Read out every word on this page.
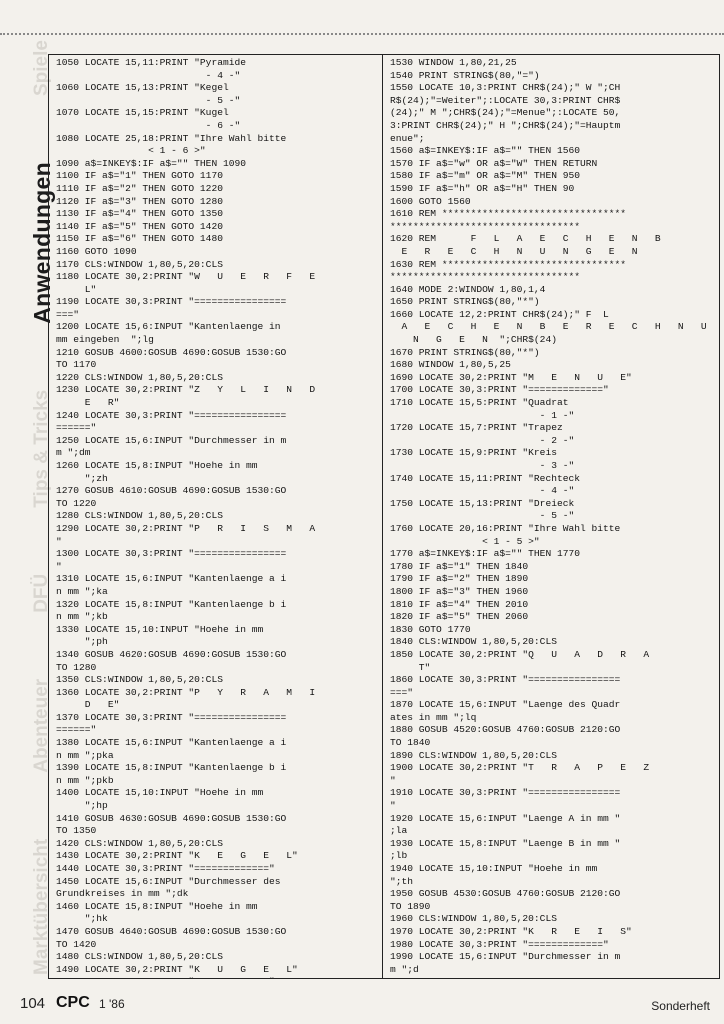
Marktübersicht
Abenteuer
DFÜ
Tips & Tricks
Anwendungen
Spiele 1050 LOCATE 15,11:PRINT "Pyramide
- 4 -"
1060 LOCATE 15,13:PRINT "Kegel
- 5 -"
1070 LOCATE 15,15:PRINT "Kugel
- 6 -"
1080 LOCATE 25,18:PRINT "Ihre Wahl bitte
< 1 - 6 >"
1090 a$=INKEY$:IF a$="" THEN 1090
1100 IF a$="1" THEN GOTO 1170
1110 IF a$="2" THEN GOTO 1220
1120 IF a$="3" THEN GOTO 1280
1130 IF a$="4" THEN GOTO 1350
1140 IF a$="5" THEN GOTO 1420
1150 IF a$="6" THEN GOTO 1480
1160 GOTO 1090
1170 CLS:WINDOW 1,80,5,20:CLS
1180 LOCATE 30,2:PRINT "W   U   E   R   F   E
L"
1190 LOCATE 30,3:PRINT "================
==="
1200 LOCATE 15,6:INPUT "Kantenlaenge in
mm eingeben  ";lg
1210 GOSUB 4600:GOSUB 4690:GOSUB 1530:GO
TO 1170
1220 CLS:WINDOW 1,80,5,20:CLS
1230 LOCATE 30,2:PRINT "Z   Y   L   I   N   D
E   R"
1240 LOCATE 30,3:PRINT "================
======"
1250 LOCATE 15,6:INPUT "Durchmesser in m
m ";dm
1260 LOCATE 15,8:INPUT "Hoehe in mm
";zh
1270 GOSUB 4610:GOSUB 4690:GOSUB 1530:GO
TO 1220
1280 CLS:WINDOW 1,80,5,20:CLS
1290 LOCATE 30,2:PRINT "P   R   I   S   M   A
"
1300 LOCATE 30,3:PRINT "================
"
1310 LOCATE 15,6:INPUT "Kantenlaenge a i
n mm ";ka
1320 LOCATE 15,8:INPUT "Kantenlaenge b i
n mm ";kb
1330 LOCATE 15,10:INPUT "Hoehe in mm
";ph
1340 GOSUB 4620:GOSUB 4690:GOSUB 1530:GO
TO 1280
1350 CLS:WINDOW 1,80,5,20:CLS
1360 LOCATE 30,2:PRINT "P   Y   R   A   M   I
D   E"
1370 LOCATE 30,3:PRINT "================
======"
1380 LOCATE 15,6:INPUT "Kantenlaenge a i
n mm ";pka
1390 LOCATE 15,8:INPUT "Kantenlaenge b i
n mm ";pkb
1400 LOCATE 15,10:INPUT "Hoehe in mm
";hp
1410 GOSUB 4630:GOSUB 4690:GOSUB 1530:GO
TO 1350
1420 CLS:WINDOW 1,80,5,20:CLS
1430 LOCATE 30,2:PRINT "K   E   G   E   L"
1440 LOCATE 30,3:PRINT "============="
1450 LOCATE 15,6:INPUT "Durchmesser des
Grundkreises in mm ";dk
1460 LOCATE 15,8:INPUT "Hoehe in mm
";hk
1470 GOSUB 4640:GOSUB 4690:GOSUB 1530:GO
TO 1420
1480 CLS:WINDOW 1,80,5,20:CLS
1490 LOCATE 30,2:PRINT "K   U   G   E   L"
1530 WINDOW 1,80,21,25
1540 PRINT STRING$(80,"=")
1550 LOCATE 10,3:PRINT CHR$(24);" W ";CH
R$(24);"=Weiter";:LOCATE 30,3:PRINT CHR$
(24);" M ";CHR$(24);"=Menue";:LOCATE 50,
3:PRINT CHR$(24);" H ";CHR$(24);"=Hauptm
enue";
1560 a$=INKEY$:IF a$="" THEN 1560
1570 IF a$="w" OR a$="W" THEN RETURN
1580 IF a$="m" OR a$="M" THEN 950
1590 IF a$="h" OR a$="H" THEN 90
1600 GOTO 1560
1610 REM ********************************
*********************************
1620 REM      F   L   A   E   C   H   E   N   B
E   R   E   C   H   N   U   N   G   E   N
1630 REM ********************************
*********************************
1640 MODE 2:WINDOW 1,80,1,4
1650 PRINT STRING$(80,"*")
1660 LOCATE 12,2:PRINT CHR$(24);" F  L
A   E   C   H   E   N   B   E   R   E   C   H   N   U
N   G   E   N  ";CHR$(24)
1670 PRINT STRING$(80,"*")
1680 WINDOW 1,80,5,25
1690 LOCATE 30,2:PRINT "M   E   N   U   E"
1700 LOCATE 30,3:PRINT "============="
1710 LOCATE 15,5:PRINT "Quadrat
- 1 -"
1720 LOCATE 15,7:PRINT "Trapez
- 2 -"
1730 LOCATE 15,9:PRINT "Kreis
- 3 -"
1740 LOCATE 15,11:PRINT "Rechteck
- 4 -"
1750 LOCATE 15,13:PRINT "Dreieck
- 5 -"
1760 LOCATE 20,16:PRINT "Ihre Wahl bitte
< 1 - 5 >"
1770 a$=INKEY$:IF a$="" THEN 1770
1780 IF a$="1" THEN 1840
1790 IF a$="2" THEN 1890
1800 IF a$="3" THEN 1960
1810 IF a$="4" THEN 2010
1820 IF a$="5" THEN 2060
1830 GOTO 1770
1840 CLS:WINDOW 1,80,5,20:CLS
1850 LOCATE 30,2:PRINT "Q   U   A   D   R   A
T"
1860 LOCATE 30,3:PRINT "================
==="
1870 LOCATE 15,6:INPUT "Laenge des Quadr
ates in mm ";lq
1880 GOSUB 4520:GOSUB 4760:GOSUB 2120:GO
TO 1840
1890 CLS:WINDOW 1,80,5,20:CLS
1900 LOCATE 30,2:PRINT "T   R   A   P   E   Z
"
1910 LOCATE 30,3:PRINT "================
"
1920 LOCATE 15,6:INPUT "Laenge A in mm "
;la
1930 LOCATE 15,8:INPUT "Laenge B in mm "
;lb
1940 LOCATE 15,10:INPUT "Hoehe in mm
";th
1950 GOSUB 4530:GOSUB 4760:GOSUB 2120:GO
TO 1890
1960 CLS:WINDOW 1,80,5,20:CLS
1970 LOCATE 30,2:PRINT "K   R   E   I   S"
1980 LOCATE 30,3:PRINT "============="
1990 LOCATE 15,6:INPUT "Durchmesser in m
m ";d
104 CPC 1 '86	Sonderheft
